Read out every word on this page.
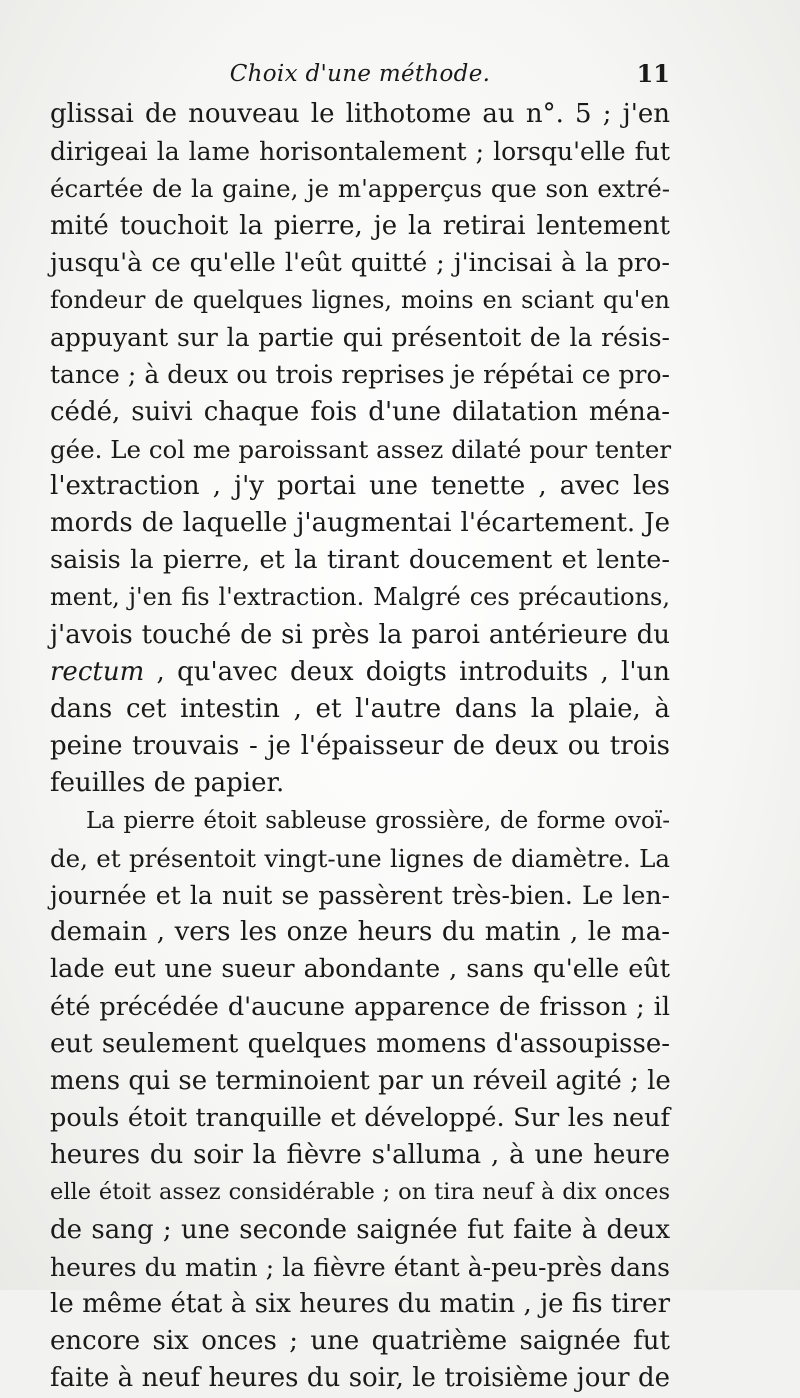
Choix d'une méthode.	11
glissai de nouveau le lithotome au n°. 5 ; j'en
dirigeai la lame horisontalement ; lorsqu'elle fut
écartée de la gaine, je m'apperçus que son extré-
mité touchoit la pierre, je la retirai lentement
jusqu'à ce qu'elle l'eût quitté ; j'incisai à la pro-
fondeur de quelques lignes, moins en sciant qu'en
appuyant sur la partie qui présentoit de la résis-
tance ; à deux ou trois reprises je répétai ce pro-
cédé, suivi chaque fois d'une dilatation ména-
gée. Le col me paroissant assez dilaté pour tenter
l'extraction , j'y portai une tenette , avec les
mords de laquelle j'augmentai l'écartement. Je
saisis la pierre, et la tirant doucement et lente-
ment, j'en fis l'extraction. Malgré ces précautions,
j'avois touché de si près la paroi antérieure du
rectum , qu'avec deux doigts introduits , l'un
dans cet intestin , et l'autre dans la plaie, à
peine trouvais - je l'épaisseur de deux ou trois
feuilles de papier.
La pierre étoit sableuse grossière, de forme ovoï-
de, et présentoit vingt-une lignes de diamètre. La
journée et la nuit se passèrent très-bien. Le len-
demain , vers les onze heurs du matin , le ma-
lade eut une sueur abondante , sans qu'elle eût
été précédée d'aucune apparence de frisson ; il
eut seulement quelques momens d'assoupisse-
mens qui se terminoient par un réveil agité ; le
pouls étoit tranquille et développé. Sur les neuf
heures du soir la fièvre s'alluma , à une heure
elle étoit assez considérable ; on tira neuf à dix onces
de sang ; une seconde saignée fut faite à deux
heures du matin ; la fièvre étant à-peu-près dans
le même état à six heures du matin , je fis tirer
encore six onces ; une quatrième saignée fut
faite à neuf heures du soir, le troisième jour de
